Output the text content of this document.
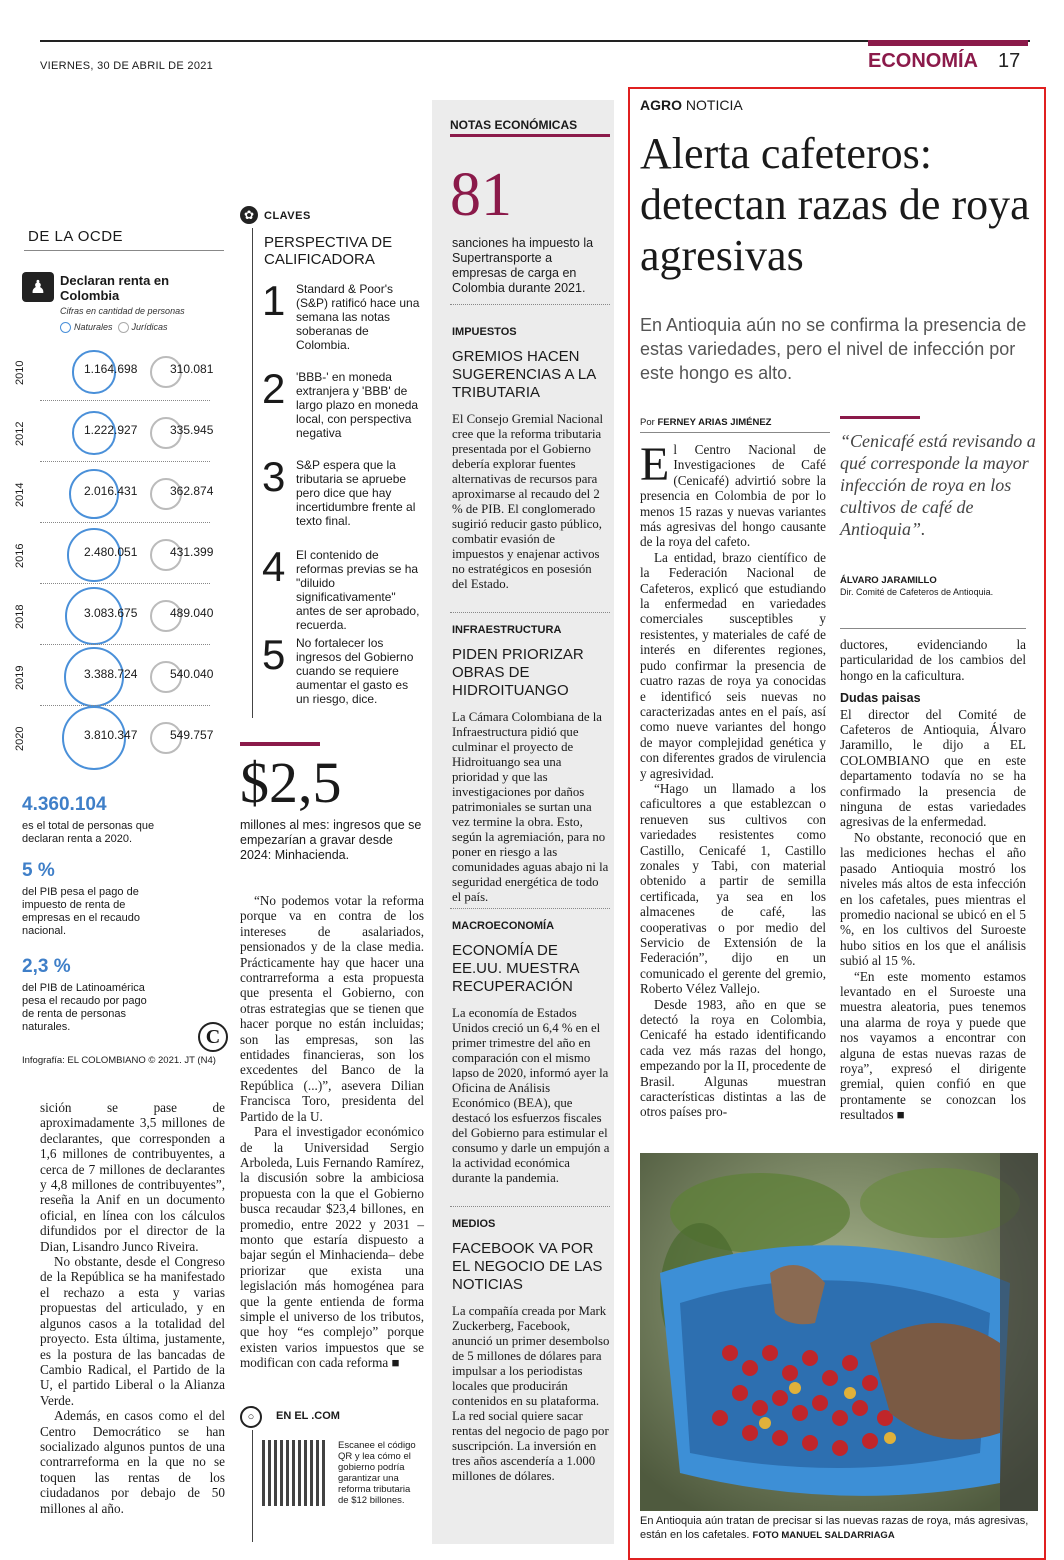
VIERNES, 30 DE ABRIL DE 2021	ECONOMÍA 17
DE LA OCDE
♟	Declaran renta en Colombia
Cifras en cantidad de personas
Naturales Jurídicas
2010	1.164.698	310.081
2012	1.222.927	335.945
2014	2.016.431	362.874
2016	2.480.051	431.399
2018	3.083.675	489.040
2019	3.388.724	540.040
2020	3.810.347	549.757
4.360.104
es el total de personas que declaran renta a 2020.
5 %
del PIB pesa el pago de impuesto de renta de empresas en el recaudo nacional.
2,3 %
del PIB de Latinoamérica pesa el recaudo por pago de renta de personas naturales.	C
Infografía: EL COLOMBIANO © 2021. JT (N4)

sición se pase de aproximadamente 3,5 millones de declarantes, que corresponden a 1,6 millones de contribuyentes, a cerca de 7 millones de declarantes y 4,8 millones de contribuyentes”, reseña la Anif en un documento oficial, en línea con los cálculos difundidos por el director de la Dian, Lisandro Junco Riveira.

No obstante, desde el Congreso de la República se ha manifestado el rechazo a esta y varias propuestas del articulado, y en algunos casos a la totalidad del proyecto. Esta última, justamente, es la postura de las bancadas de Cambio Radical, el Partido de la U, el partido Liberal o la Alianza Verde.

Además, en casos como el del Centro Democrático se han socializado algunos puntos de una contrarreforma en la que no se toquen las rentas de los ciudadanos por debajo de 50 millones al año.

✿ CLAVES
PERSPECTIVA DE CALIFICADORA
1 Standard & Poor's (S&P) ratificó hace una semana las notas soberanas de Colombia.
2 'BBB-' en moneda extranjera y 'BBB' de largo plazo en moneda local, con perspectiva negativa
3 S&P espera que la tributaria se apruebe pero dice que hay incertidumbre frente al texto final.
4 El contenido de reformas previas se ha "diluido significativamente" antes de ser aprobado, recuerda.
5 No fortalecer los ingresos del Gobierno cuando se requiere aumentar el gasto es un riesgo, dice.
$2,5
millones al mes: ingresos que se empezarían a gravar desde 2024: Minhacienda.

“No podemos votar la reforma porque va en contra de los intereses de asalariados, pensionados y de la clase media. Prácticamente hay que hacer una contrarreforma a esta propuesta que presenta el Gobierno, con otras estrategias que se tienen que hacer porque no están incluidas; son las empresas, son las entidades financieras, son los excedentes del Banco de la República (...)”, asevera Dilian Francisca Toro, presidenta del Partido de la U.

Para el investigador económico de la Universidad Sergio Arboleda, Luis Fernando Ramírez, la discusión sobre la ambiciosa propuesta con la que el Gobierno busca recaudar $23,4 billones, en promedio, entre 2022 y 2031 –monto que estaría dispuesto a bajar según el Minhacienda– debe priorizar que exista una legislación más homogénea para que la gente entienda de forma simple el universo de los tributos, que hoy “es complejo” porque existen varios impuestos que se modifican con cada reforma ■

○	EN EL .COM
Escanee el código QR y lea cómo el gobierno podría garantizar una reforma tributaria de $12 billones.
NOTAS ECONÓMICAS
81
sanciones ha impuesto la Supertransporte a empresas de carga en Colombia durante 2021.
IMPUESTOS
GREMIOS HACEN SUGERENCIAS A LA TRIBUTARIA
El Consejo Gremial Nacional cree que la reforma tributaria presentada por el Gobierno debería explorar fuentes alternativas de recursos para aproximarse al recaudo del 2 % de PIB. El conglomerado sugirió reducir gasto público, combatir evasión de impuestos y enajenar activos no estratégicos en posesión del Estado.
INFRAESTRUCTURA
PIDEN PRIORIZAR OBRAS DE HIDROITUANGO
La Cámara Colombiana de la Infraestructura pidió que culminar el proyecto de Hidroituango sea una prioridad y que las investigaciones por daños patrimoniales se surtan una vez termine la obra. Esto, según la agremiación, para no poner en riesgo a las comunidades aguas abajo ni la seguridad energética de todo el país.
MACROECONOMÍA
ECONOMÍA DE EE.UU. MUESTRA RECUPERACIÓN
La economía de Estados Unidos creció un 6,4 % en el primer trimestre del año en comparación con el mismo lapso de 2020, informó ayer la Oficina de Análisis Económico (BEA), que destacó los esfuerzos fiscales del Gobierno para estimular el consumo y darle un empujón a la actividad económica durante la pandemia.
MEDIOS
FACEBOOK VA POR EL NEGOCIO DE LAS NOTICIAS
La compañía creada por Mark Zuckerberg, Facebook, anunció un primer desembolso de 5 millones de dólares para impulsar a los periodistas locales que producirán contenidos en su plataforma. La red social quiere sacar rentas del negocio de pago por suscripción. La inversión en tres años ascendería a 1.000 millones de dólares.
AGRO NOTICIA
Alerta cafeteros: detectan razas de roya agresivas
En Antioquia aún no se confirma la presencia de estas variedades, pero el nivel de infección por este hongo es alto.
Por FERNEY ARIAS JIMÉNEZ

El Centro Nacional de Investigaciones de Café (Cenicafé) advirtió sobre la presencia en Colombia de por lo menos 15 razas y nuevas variantes más agresivas del hongo causante de la roya del cafeto.

La entidad, brazo científico de la Federación Nacional de Cafeteros, explicó que estudiando la enfermedad en variedades comerciales susceptibles y resistentes, y materiales de café de interés en diferentes regiones, pudo confirmar la presencia de cuatro razas de roya ya conocidas e identificó seis nuevas no caracterizadas antes en el país, así como nueve variantes del hongo de mayor complejidad genética y con diferentes grados de virulencia y agresividad.

“Hago un llamado a los caficultores a que establezcan o renueven sus cultivos con variedades resistentes como Castillo, Cenicafé 1, Castillo zonales y Tabi, con material obtenido a partir de semilla certificada, ya sea en los almacenes de café, las cooperativas o por medio del Servicio de Extensión de la Federación”, dijo en un comunicado el gerente del gremio, Roberto Vélez Vallejo.

Desde 1983, año en que se detectó la roya en Colombia, Cenicafé ha estado identificando cada vez más razas del hongo, empezando por la II, procedente de Brasil. Algunas muestran características distintas a las de otros países pro-

“Cenicafé está revisando a qué corresponde la mayor infección de roya en los cultivos de café de Antioquia”.
ÁLVARO JARAMILLO
Dir. Comité de Cafeteros de Antioquia.

ductores, evidenciando la particularidad de los cambios del hongo en la caficultura.

Dudas paisas

El director del Comité de Cafeteros de Antioquia, Álvaro Jaramillo, le dijo a EL COLOMBIANO que en este departamento todavía no se ha confirmado la presencia de ninguna de estas variedades agresivas de la enfermedad.

No obstante, reconoció que en las mediciones hechas el año pasado Antioquia mostró los niveles más altos de esta infección en los cafetales, pues mientras el promedio nacional se ubicó en el 5 %, en los cultivos del Suroeste hubo sitios en los que el análisis subió al 15 %.

“En este momento estamos levantado en el Suroeste una muestra aleatoria, pues tenemos una alarma de roya y puede que nos vayamos a encontrar con alguna de estas nuevas razas de roya”, expresó el dirigente gremial, quien confió en que prontamente se conozcan los resultados ■

En Antioquia aún tratan de precisar si las nuevas razas de roya, más agresivas, están en los cafetales. FOTO MANUEL SALDARRIAGA
